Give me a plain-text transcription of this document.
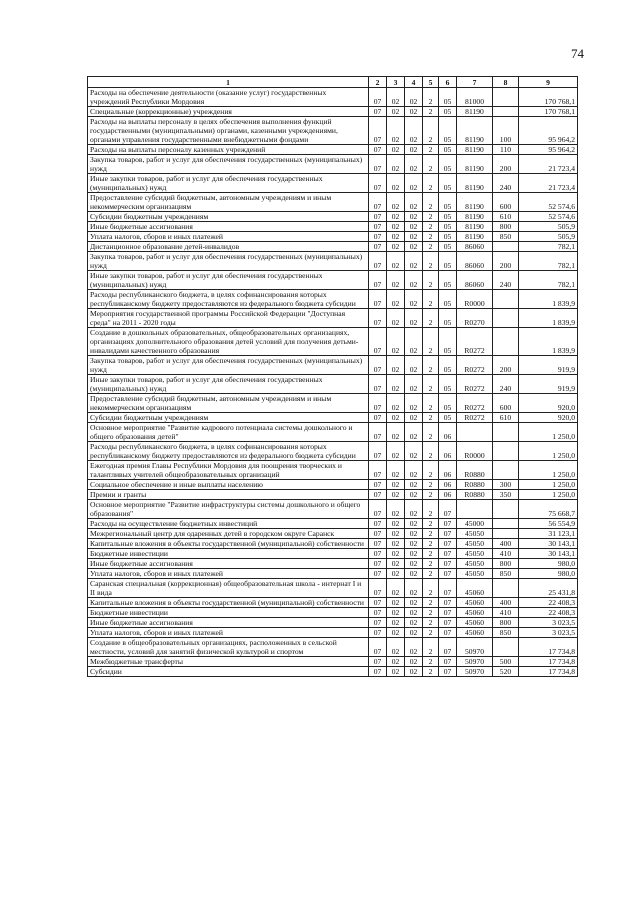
74
1	2	3	4	5	6	7	8	9
Расходы на обеспечение деятельности (оказание услуг) государственных учреждений Республики Мордовия	07	02	02	2	05	81000		170 768,1
Специальные (коррекционные) учреждения	07	02	02	2	05	81190		170 768,1
Расходы на выплаты персоналу в целях обеспечения выполнения функций государственными (муниципальными) органами, казенными учреждениями, органами управления государственными внебюджетными фондами	07	02	02	2	05	81190	100	95 964,2
Расходы на выплаты персоналу казенных учреждений	07	02	02	2	05	81190	110	95 964,2
Закупка товаров, работ и услуг для обеспечения государственных (муниципальных) нужд	07	02	02	2	05	81190	200	21 723,4
Иные закупки товаров, работ и услуг для обеспечения государственных (муниципальных) нужд	07	02	02	2	05	81190	240	21 723,4
Предоставление субсидий бюджетным, автономным учреждениям и иным некоммерческим организациям	07	02	02	2	05	81190	600	52 574,6
Субсидии бюджетным учреждениям	07	02	02	2	05	81190	610	52 574,6
Иные бюджетные ассигнования	07	02	02	2	05	81190	800	505,9
Уплата налогов, сборов и иных платежей	07	02	02	2	05	81190	850	505,9
Дистанционное образование детей-инвалидов	07	02	02	2	05	86060		782,1
Закупка товаров, работ и услуг для обеспечения государственных (муниципальных) нужд	07	02	02	2	05	86060	200	782,1
Иные закупки товаров, работ и услуг для обеспечения государственных (муниципальных) нужд	07	02	02	2	05	86060	240	782,1
Расходы республиканского бюджета, в целях софинансирования которых республиканскому бюджету предоставляются из федерального бюджета субсидии	07	02	02	2	05	R0000		1 839,9
Мероприятия государственной программы Российской Федерации "Доступная среда" на 2011 - 2020 годы	07	02	02	2	05	R0270		1 839,9
Создание в дошкольных образовательных, общеобразовательных организациях, организациях дополнительного образования детей условий для получения детьми-инвалидами качественного образования	07	02	02	2	05	R0272		1 839,9
Закупка товаров, работ и услуг для обеспечения государственных (муниципальных) нужд	07	02	02	2	05	R0272	200	919,9
Иные закупки товаров, работ и услуг для обеспечения государственных (муниципальных) нужд	07	02	02	2	05	R0272	240	919,9
Предоставление субсидий бюджетным, автономным учреждениям и иным некоммерческим организациям	07	02	02	2	05	R0272	600	920,0
Субсидии бюджетным учреждениям	07	02	02	2	05	R0272	610	920,0
Основное мероприятие "Развитие кадрового потенциала системы дошкольного и общего образования детей"	07	02	02	2	06			1 250,0
Расходы республиканского бюджета, в целях софинансирования которых республиканскому бюджету предоставляются из федерального бюджета субсидии	07	02	02	2	06	R0000		1 250,0
Ежегодная премия Главы Республики Мордовия для поощрения творческих и талантливых учителей общеобразовательных организаций	07	02	02	2	06	R0880		1 250,0
Социальное обеспечение и иные выплаты населению	07	02	02	2	06	R0880	300	1 250,0
Премии и гранты	07	02	02	2	06	R0880	350	1 250,0
Основное мероприятие "Развитие инфраструктуры системы дошкольного и общего образования"	07	02	02	2	07			75 668,7
Расходы на осуществление бюджетных инвестиций	07	02	02	2	07	45000		56 554,9
Межрегиональный центр для одаренных детей в городском округе Саранск	07	02	02	2	07	45050		31 123,1
Капитальные вложения в объекты государственной (муниципальной) собственности	07	02	02	2	07	45050	400	30 143,1
Бюджетные инвестиции	07	02	02	2	07	45050	410	30 143,1
Иные бюджетные ассигнования	07	02	02	2	07	45050	800	980,0
Уплата налогов, сборов и иных платежей	07	02	02	2	07	45050	850	980,0
Саранская специальная (коррекционная) общеобразовательная школа - интернат I и II вида	07	02	02	2	07	45060		25 431,8
Капитальные вложения в объекты государственной (муниципальной) собственности	07	02	02	2	07	45060	400	22 408,3
Бюджетные инвестиции	07	02	02	2	07	45060	410	22 408,3
Иные бюджетные ассигнования	07	02	02	2	07	45060	800	3 023,5
Уплата налогов, сборов и иных платежей	07	02	02	2	07	45060	850	3 023,5
Создание в общеобразовательных организациях, расположенных в сельской местности, условий для занятий физической культурой и спортом	07	02	02	2	07	50970		17 734,8
Межбюджетные трансферты	07	02	02	2	07	50970	500	17 734,8
Субсидии	07	02	02	2	07	50970	520	17 734,8
